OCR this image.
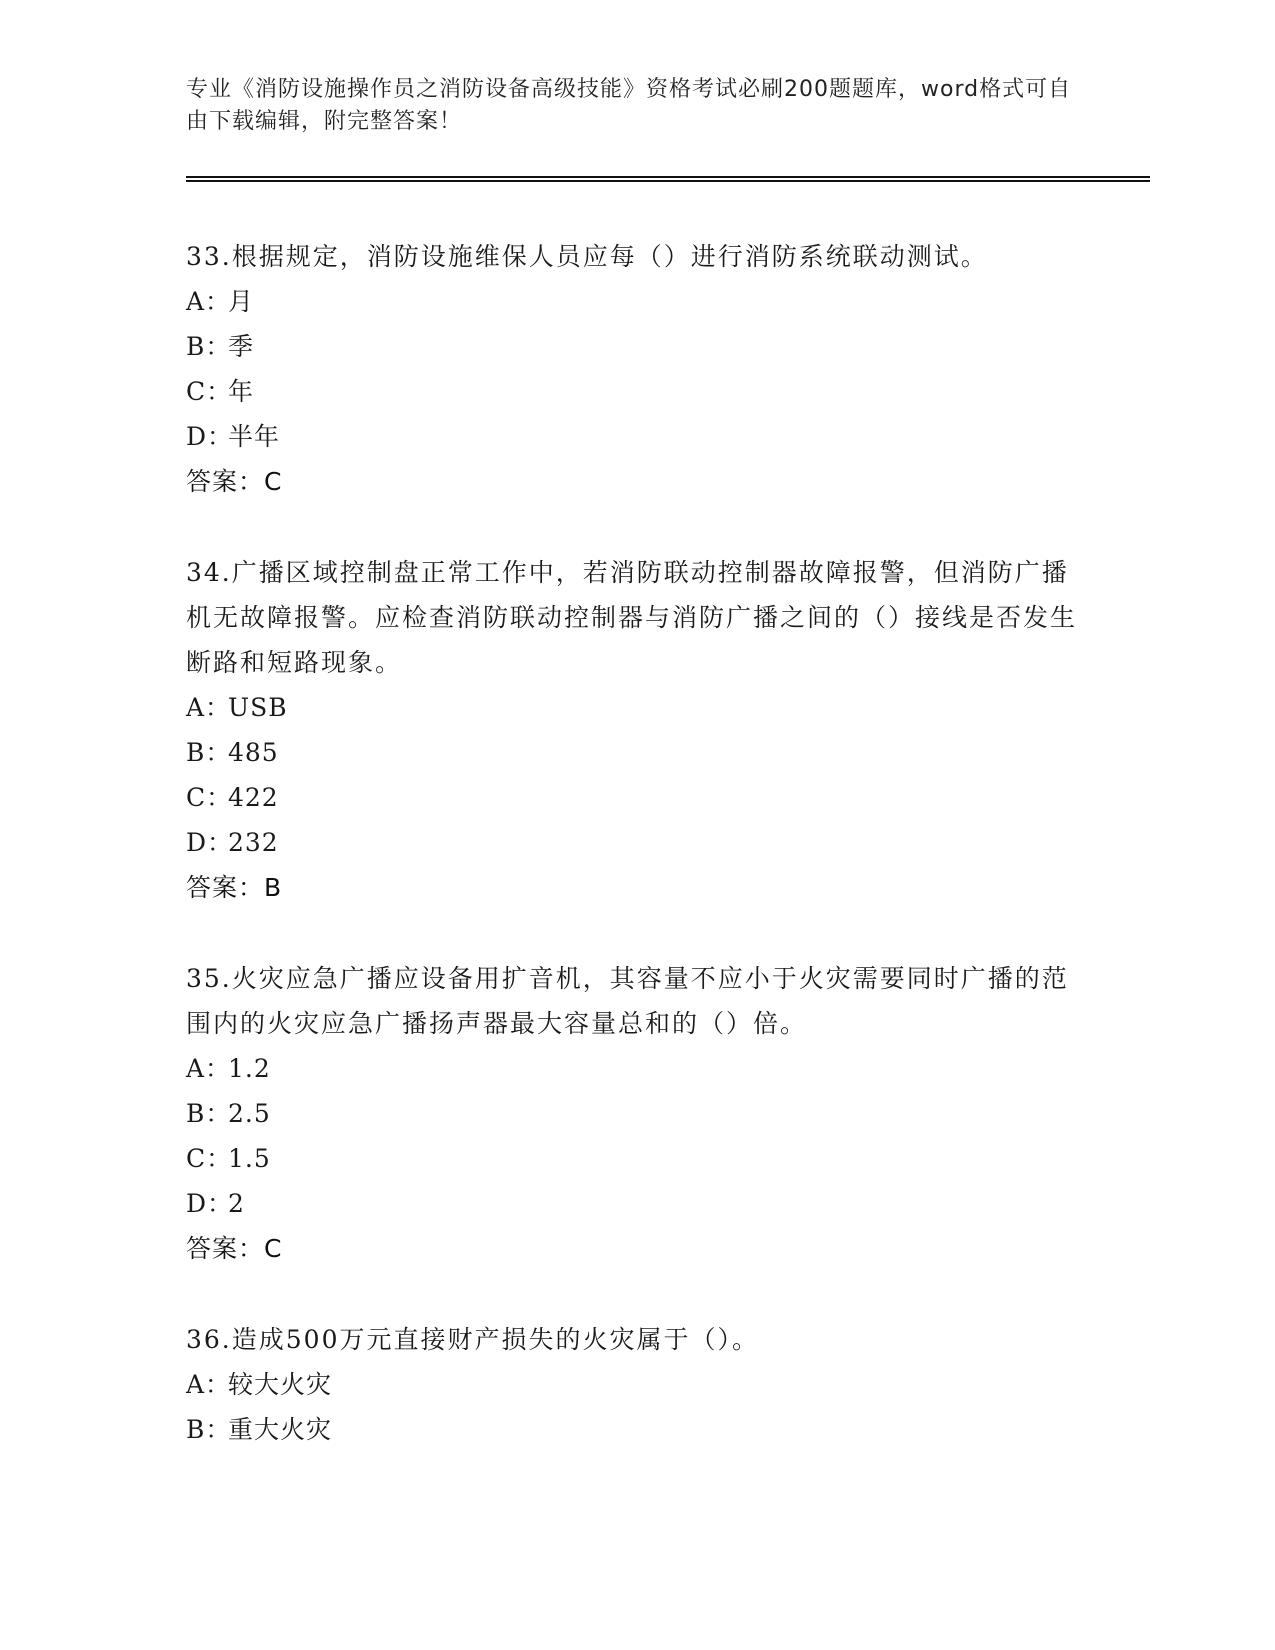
专业《消防设施操作员之消防设备高级技能》资格考试必刷200题题库，word格式可自由下载编辑，附完整答案！
33.根据规定，消防设施维保人员应每（）进行消防系统联动测试。
A：月
B：季
C：年
D：半年
答案：C
34.广播区域控制盘正常工作中，若消防联动控制器故障报警，但消防广播机无故障报警。应检查消防联动控制器与消防广播之间的（）接线是否发生断路和短路现象。
A：USB
B：485
C：422
D：232
答案：B
35.火灾应急广播应设备用扩音机，其容量不应小于火灾需要同时广播的范围内的火灾应急广播扬声器最大容量总和的（）倍。
A：1.2
B：2.5
C：1.5
D：2
答案：C
36.造成500万元直接财产损失的火灾属于（）。
A：较大火灾
B：重大火灾
